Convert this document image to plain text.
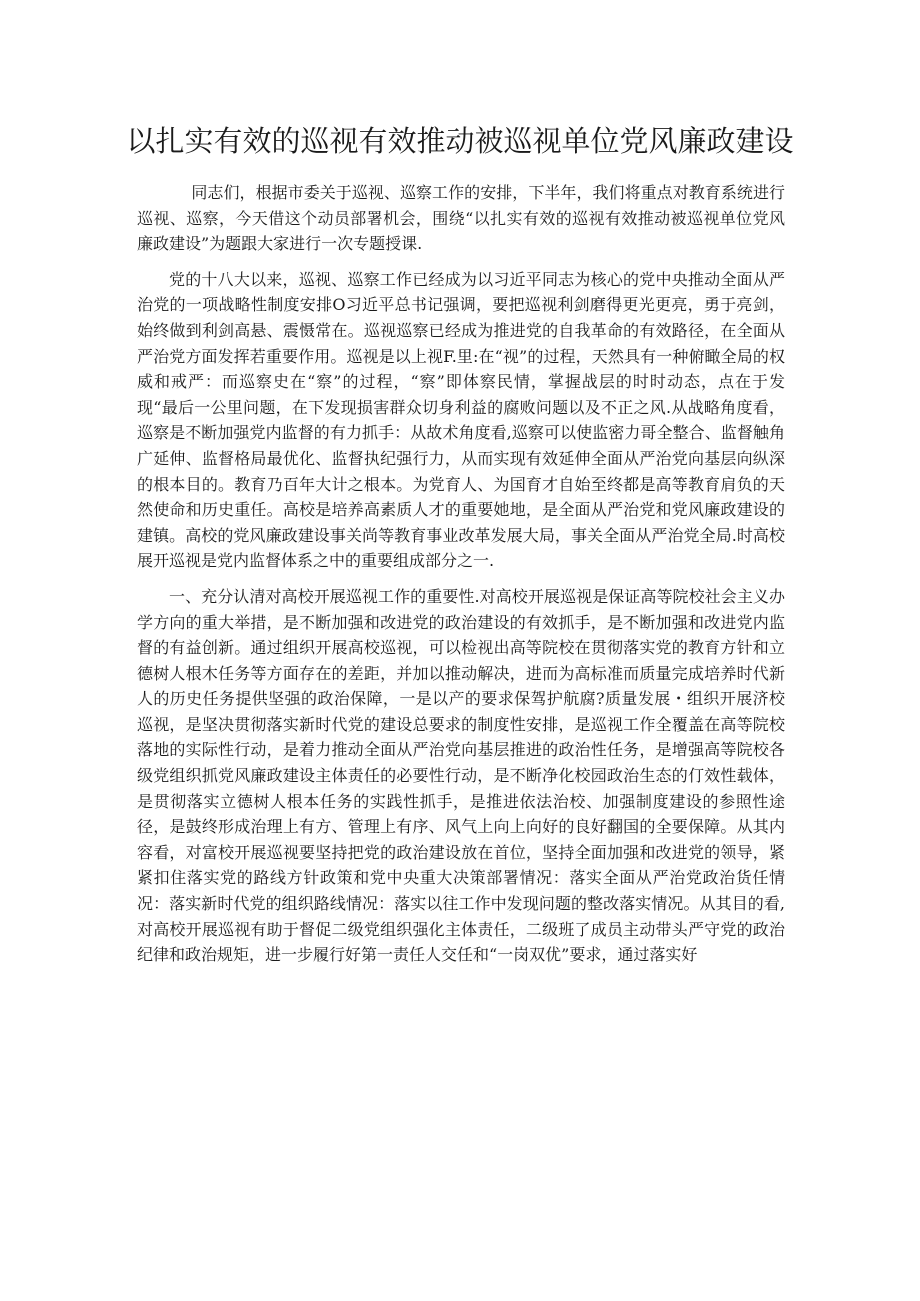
以扎实有效的巡视有效推动被巡视单位党风廉政建设

同志们，根据市委关于巡视、巡察工作的安排，下半年，我们将重点对教育系统进行巡视、巡察，今天借这个动员部署机会，围绕“以扎实有效的巡视有效推动被巡视单位党风廉政建设”为题跟大家进行一次专题授课.

党的十八大以来，巡视、巡察工作已经成为以习近平同志为核心的党中央推动全面从严治党的一项战略性制度安排O习近平总书记强调，要把巡视利剑磨得更光更亮，勇于亮剑，始终做到利剑高悬、震慑常在。巡视巡察已经成为推进党的自我革命的有效路径，在全面从严治党方面发挥若重要作用。巡视是以上视F.里:在“视”的过程，天然具有一种俯瞰全局的权威和戒严：而巡察史在“察”的过程，“察”即体察民情，掌握战层的时时动态，点在于发现“最后一公里问题，在下发现损害群众切身利益的腐败问题以及不正之风.从战略角度看，巡察是不断加强党内监督的有力抓手：从故术角度看,巡察可以使监密力哥全整合、监督触角广延伸、监督格局最优化、监督执纪强行力，从而实现有效延伸全面从严治党向基层向纵深的根本目的。教育乃百年大计之根本。为党育人、为国育才自始至终都是高等教育肩负的天然使命和历史重任。高校是培养高素质人才的重要她地，是全面从严治党和党风廉政建设的建镇。高校的党风廉政建设事关尚等教育事业改革发展大局，事关全面从严治党全局.时高校展开巡视是党内监督体系之中的重要组成部分之一.

一、充分认清对高校开展巡视工作的重要性.对高校开展巡视是保证高等院校社会主义办学方向的重大举措，是不断加强和改进党的政治建设的有效抓手，是不断加强和改进党内监督的有益创新。通过组织开展高校巡视，可以检视出高等院校在贯彻落实党的教育方针和立德树人根木任务等方面存在的差距，并加以推动解决，进而为高标准而质量完成培养时代新人的历史任务提供坚强的政治保障，一是以产的要求保驾护航腐?质量发展・组织开展济校巡视，是坚决贯彻落实新时代党的建设总要求的制度性安排，是巡视工作全覆盖在高等院校落地的实际性行动，是着力推动全面从严治党向基层推进的政治性任务，是增强高等院校各级党组织抓党风廉政建设主体责任的必要性行动，是不断净化校园政治生态的仃效性载体，是贯彻落实立德树人根本任务的实践性抓手，是推进依法治校、加强制度建设的参照性途径，是鼓终形成治理上有方、管理上有序、风气上向上向好的良好翻国的全要保障。从其内容看，对富校开展巡视要坚持把党的政治建设放在首位，坚持全面加强和改进党的领导，紧紧扣住落实党的路线方针政策和党中央重大决策部署情况：落实全面从严治党政治货任情况：落实新时代党的组织路线情况：落实以往工作中发现问题的整改落实情况。从其目的看,对高校开展巡视有助于督促二级党组织强化主体责任，二级班了成员主动带头严守党的政治纪律和政治规矩，进一步履行好第一责任人交任和“一岗双优”要求，通过落实好
